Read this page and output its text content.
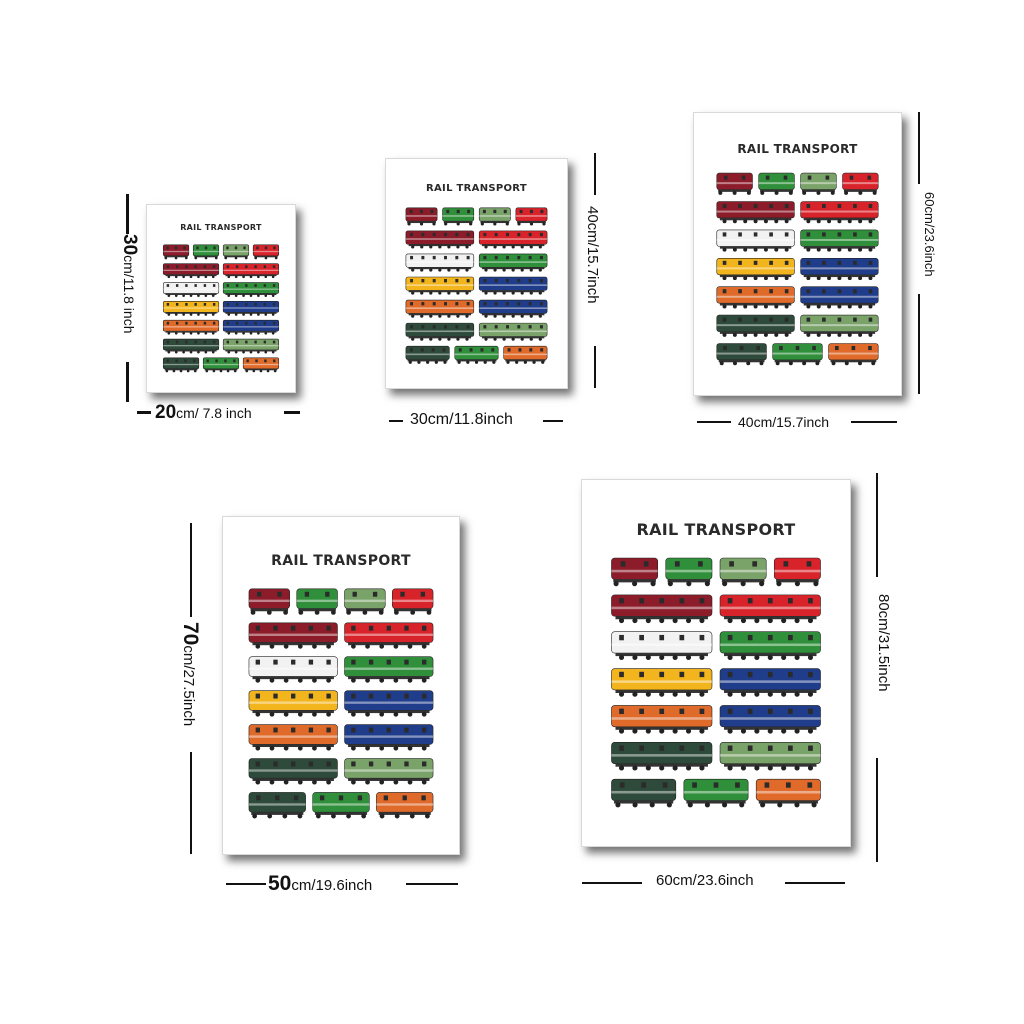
RAIL TRANSPORT
RAIL TRANSPORT
RAIL TRANSPORT
RAIL TRANSPORT
RAIL TRANSPORT
30cm/11.8 inch
20cm/ 7.8 inch
40cm/15.7inch
30cm/11.8inch
60cm/23.6inch
40cm/15.7inch
70cm/27.5inch
50cm/19.6inch
80cm/31.5inch
60cm/23.6inch
